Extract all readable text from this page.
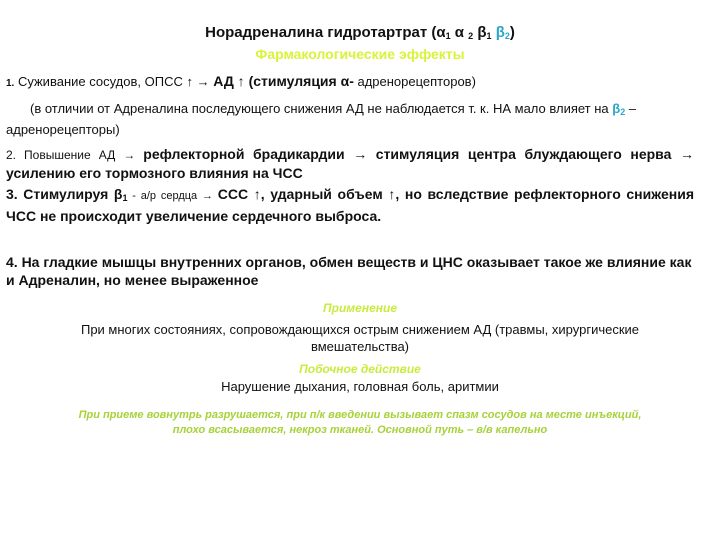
Норадреналина гидротартрат ($\alpha_1$ α $_2$ $\beta_1$ $\beta_2$)
Фармакологические эффекты
1. Суживание сосудов, ОПСС ↑ → АД ↑ (стимуляция α- адренорецепторов)
(в отличии от Адреналина последующего снижения АД не наблюдается т. к. НА мало влияет на β2 – адренорецепторы)
2. Повышение АД → рефлекторной брадикардии → стимуляция центра блуждающего нерва → усилению его тормозного влияния на ЧСС
3. Стимулируя β1 - а/р сердца → ССС ↑, ударный объем ↑, но вследствие рефлекторного снижения ЧСС не происходит увеличение сердечного выброса.
4. На гладкие мышцы внутренних органов, обмен веществ и ЦНС оказывает такое же влияние как и Адреналин, но менее выраженное
Применение
При многих состояниях, сопровождающихся острым снижением АД (травмы, хирургические вмешательства)
Побочное действие
Нарушение дыхания, головная боль, аритмии
При приеме вовнутрь разрушается, при п/к введении вызывает спазм сосудов на месте инъекций, плохо всасывается, некроз тканей. Основной путь – в/в капельно
